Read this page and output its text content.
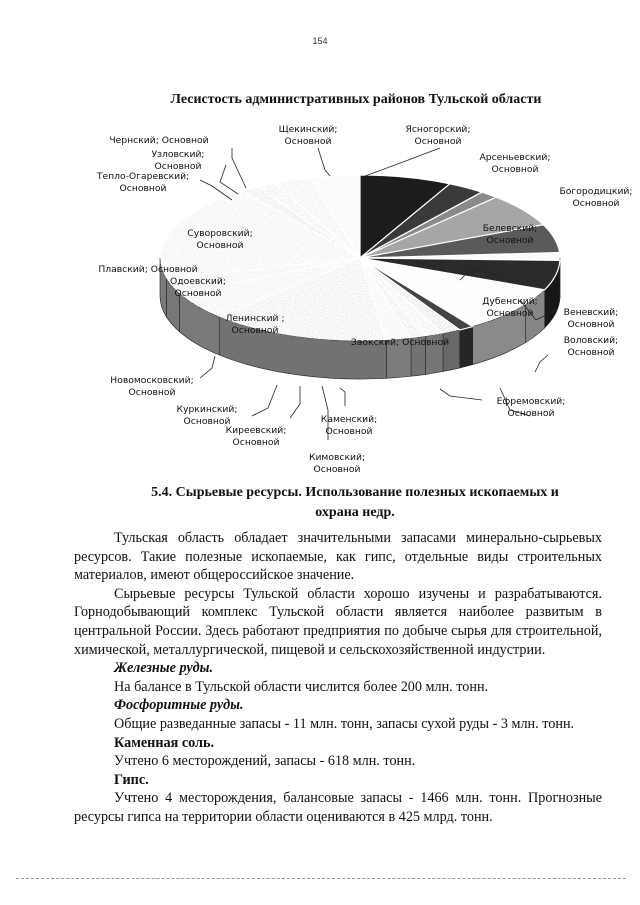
154
Лесистость административных районов Тульской области
Щекинский; Основной
Ясногорский; Основной
Арсеньевский; Основной
Богородицкий; Основной
Белевский; Основной
Дубенский; Основной	Веневский; Основной
Воловский; Основной
Ефремовский; Основной
Заокский; Основной
Каменский; Основной
Кимовский; Основной
Киреевский; Основной
Куркинский; Основной
Новомосковский; Основной
Ленинский ; Основной
Одоевский; Основной
Плавский; Основной
Суворовский; Основной
Тепло-Огаревский; Основной
Узловский; Основной
Чернский; Основной
5.4. Сырьевые ресурсы. Использование полезных ископаемых и
охрана недр.

Тульская область обладает значительными запасами минерально-сырьевых ресурсов. Такие полезные ископаемые, как гипс, отдельные виды строительных материалов, имеют общероссийское значение.

Сырьевые ресурсы Тульской области хорошо изучены и разрабатываются. Горнодобывающий комплекс Тульской области является наиболее развитым в центральной России. Здесь работают предприятия по добыче сырья для строительной, химической, металлургической, пищевой и сельскохозяйственной индустрии.

Железные руды.

На балансе в Тульской области числится более 200 млн. тонн.

Фосфоритные руды.

Общие разведанные запасы - 11 млн. тонн, запасы сухой руды - 3 млн. тонн.

Каменная соль.

Учтено 6 месторождений, запасы - 618 млн. тонн.

Гипс.

Учтено 4 месторождения, балансовые запасы - 1466 млн. тонн. Прогнозные ресурсы гипса на территории области оцениваются в 425 млрд. тонн.
